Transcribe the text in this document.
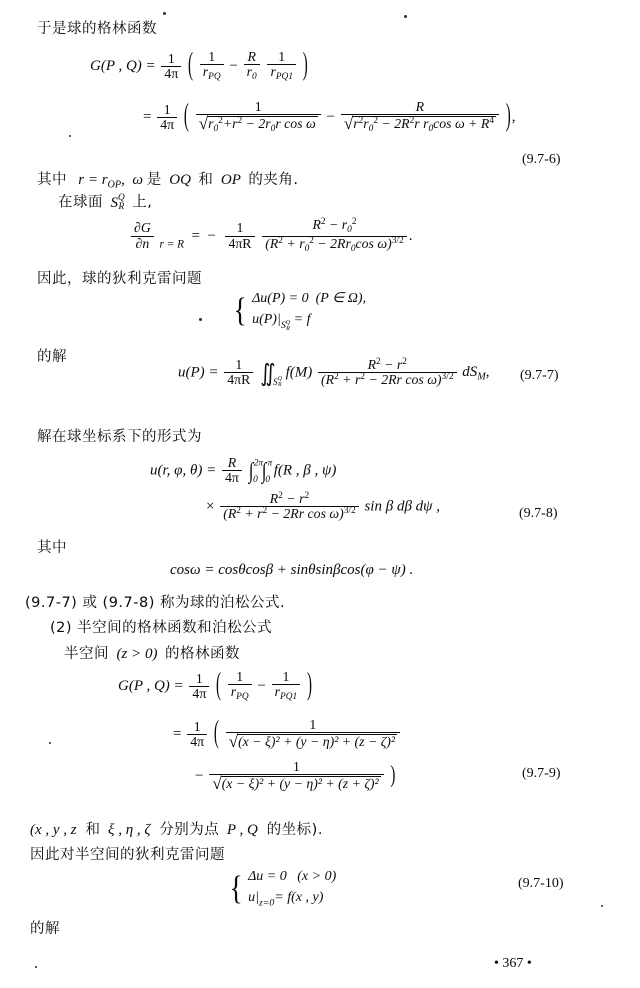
于是球的格林函数
G(P , $Q) = \frac{1}{4\pi}$ ( $\frac{1}{r_{PQ}} - \frac{R}{r_0}$
$\frac{1}{r_{PQ1}}$ )
= $\frac{1}{4\pi}$ ( $\frac{1}{√r_0^2+r^2 - 2r_0r \cos \omega} - \frac{R}{√r^2r_0^2 - 2R^2r r_0\cos \omega + R^4}$ ),
(9.7-6)
其中   $r = r_{OP}$,  ω 是  OQ  和  OP  的夹角.
在球面  S Q
R 上,
$\frac{\partial G}{\partial n} _{r = R}$  =  − $\frac{1}{4\pi R}$
$\frac{R^2 - r_0^2}{(R^2 + r_0^2 - 2Rr_0\cos \omega)^{3/2}}$ .
因此，球的狄利克雷问题
{ Δu(P) = 0 (P ∈ Ω),
$u(P)|_{S Q R}$
= f
的解
$u(P) = \frac{1}{4\pi R}$ $∬_{S Q R}$
$f(M) \frac{R^2 - r^2}{(R^2 + r^2 - 2Rr \cos \omega)^{3/2}} dS_M$, (9.7-7)
解在球坐标系下的形式为
u(r, φ, $\theta) = \frac{R}{4\pi} \int 2\pi 0$ ∫π0 f(R , β , ψ)
× $\frac{R^2 - r^2}{(R^2 + r^2 - 2Rr \cos \omega)^{3/2}}$ sin β dβ dψ ,	(9.7-8)
其中
cosω = cosθcosβ + sinθsinβcos(φ − ψ) .
(9.7-7) 或 (9.7-8) 称为球的泊松公式.
(2) 半空间的格林函数和泊松公式
半空间  (z > 0)  的格林函数
G(P , $Q) = \frac{1}{4\pi}$ ( $\frac{1}{r_{PQ}} - \frac{1}{r_{PQ1}}$ )
= $\frac{1}{4\pi}$ ( $\frac{1}{\text{√(x − ξ)² + (y − η)² + (z − ζ)²}}$
− $\frac{1}{\text{√(x − ξ)² + (y − η)² + (z + ζ)²}}$ )	(9.7-9)
(x , y , z 和 ξ , η , ζ 分别为点 P , Q 的坐标).
因此对半空间的狄利克雷问题
{ Δu = 0 (x > 0)
$u|_{z=0}= f(x$ , y)
(9.7-10)
的解
• 367 •
